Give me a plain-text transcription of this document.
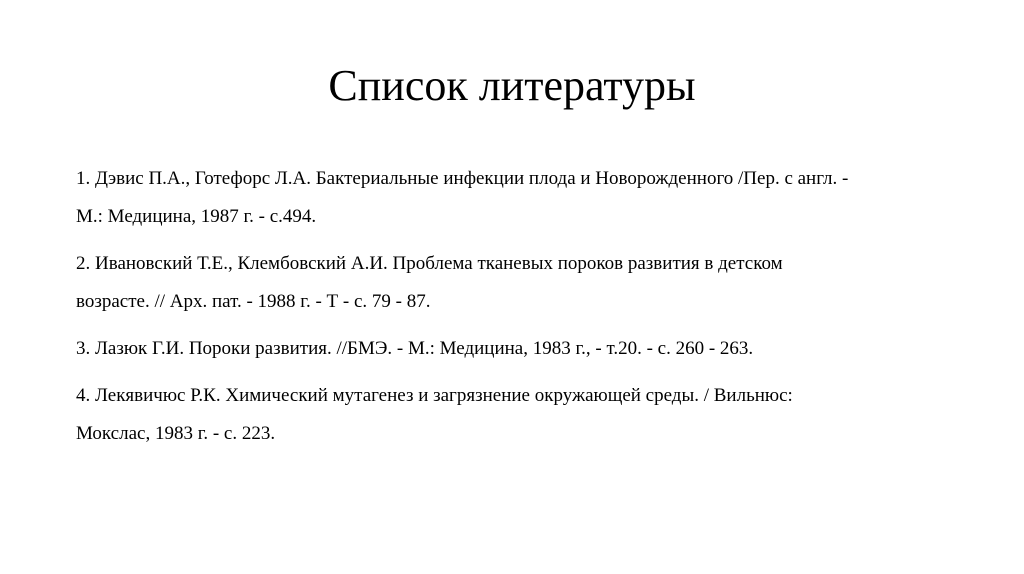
Список литературы
1. Дэвис П.А., Готефорс Л.А. Бактериальные инфекции плода и Новорожденного /Пер. с англ. -
М.: Медицина, 1987 г. - с.494.
2. Ивановский Т.Е., Клембовский А.И. Проблема тканевых пороков развития в детском
возрасте. // Арх. пат. - 1988 г. - Т - с. 79 - 87.
3. Лазюк Г.И. Пороки развития. //БМЭ. - М.: Медицина, 1983 г., - т.20. - с. 260 - 263.
4. Лекявичюс Р.К. Химический мутагенез и загрязнение окружающей среды. / Вильнюс:
Мокслас, 1983 г. - с. 223.
